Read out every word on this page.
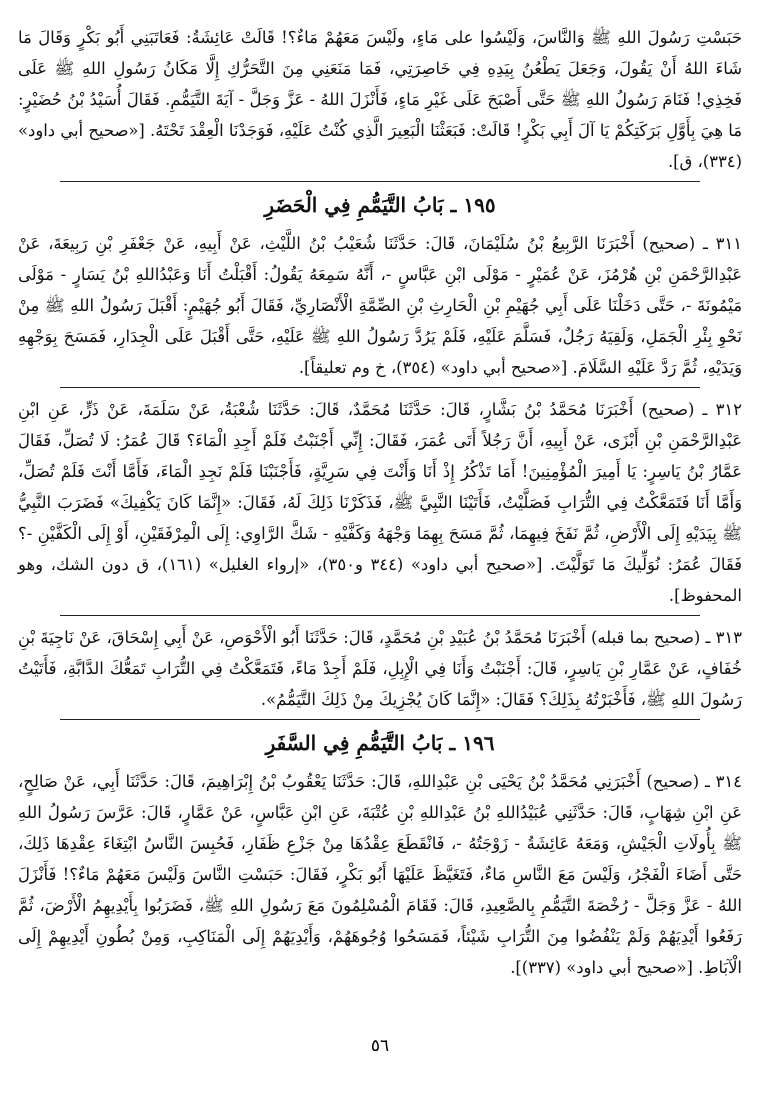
حَبَسْتِ رَسُولَ اللهِ ﷺ وَالنَّاسَ، وَلَيْسُوا على مَاءٍ، ولَيْسَ مَعَهُمْ مَاءٌ؟! قَالَتْ عَائِشَةُ: فَعَاتَبَنِي أَبُو بَكْرٍ وَقَالَ مَا شَاءَ اللهُ أَنْ يَقُولَ، وَجَعَلَ يَطْعُنُ بِيَدِهِ فِي خَاصِرَتِي، فَمَا مَنَعَنِي مِنَ التَّحَرُّكِ إِلَّا مَكَانُ رَسُولِ اللهِ ﷺ عَلَى فَخِذِي! فَنَامَ رَسُولُ اللهِ ﷺ حَتَّى أَصْبَحَ عَلَى غَيْرِ مَاءٍ، فَأَنْزَلَ اللهُ - عَزَّ وَجَلَّ - آيَةَ التَّيَمُّمِ. فَقَالَ أُسَيْدُ بْنُ حُضَيْرٍ: مَا هِيَ بِأَوَّلِ بَرَكَتِكُمْ يَا آلَ أَبِي بَكْرٍ! قَالَتْ: فَبَعَثْنَا الْبَعِيرَ الَّذِي كُنْتُ عَلَيْهِ، فَوَجَدْنَا الْعِقْدَ تَحْتَهُ. [«صحيح أبي داود» (٣٣٤)، ق].

١٩٥ ـ بَابُ التَّيَمُّمِ فِي الْحَضَرِ

٣١١ ـ (صحيح) أَخْبَرَنَا الرَّبِيعُ بْنُ سُلَيْمَانَ، قَالَ: حَدَّثَنَا شُعَيْبُ بْنُ اللَّيْثِ، عَنْ أَبِيهِ، عَنْ جَعْفَرِ بْنِ رَبِيعَةَ، عَنْ عَبْدِالرَّحْمَنِ بْنِ هُرْمُزَ، عَنْ عُمَيْرٍ - مَوْلَى ابْنِ عَبَّاسٍ -، أَنَّهُ سَمِعَهُ يَقُولُ: أَقْبَلْتُ أَنَا وَعَبْدُاللهِ بْنُ يَسَارٍ - مَوْلَى مَيْمُونَةَ -، حَتَّى دَخَلْنَا عَلَى أَبِي جُهَيْمِ بْنِ الْحَارِثِ بْنِ الصِّمَّةِ الْأَنْصَارِيِّ، فَقَالَ أَبُو جُهَيْمٍ: أَقْبَلَ رَسُولُ اللهِ ﷺ مِنْ نَحْوِ بِئْرِ الْجَمَلِ، وَلَقِيَهُ رَجُلٌ، فَسَلَّمَ عَلَيْهِ، فَلَمْ يَرُدَّ رَسُولُ اللهِ ﷺ عَلَيْهِ، حَتَّى أَقْبَلَ عَلَى الْجِدَارِ، فَمَسَحَ بِوَجْهِهِ وَيَدَيْهِ، ثُمَّ رَدَّ عَلَيْهِ السَّلَامَ. [«صحيح أبي داود» (٣٥٤)، خ وم تعليقاً].

٣١٢ ـ (صحيح) أَخْبَرَنَا مُحَمَّدُ بْنُ بَشَّارٍ، قَالَ: حَدَّثَنَا مُحَمَّدٌ، قَالَ: حَدَّثَنَا شُعْبَةُ، عَنْ سَلَمَةَ، عَنْ ذَرٍّ، عَنِ ابْنِ عَبْدِالرَّحْمَنِ بْنِ أَبْزَى، عَنْ أَبِيهِ، أَنَّ رَجُلاً أَتَى عُمَرَ، فَقَالَ: إِنِّي أَجْنَبْتُ فَلَمْ أَجِدِ الْمَاءَ؟ قَالَ عُمَرُ: لَا تُصَلِّ، فَقَالَ عَمَّارُ بْنُ يَاسِرٍ: يَا أَمِيرَ الْمُؤْمِنِينَ! أَمَا تَذْكُرُ إِذْ أَنَا وَأَنْتَ فِي سَرِيَّةٍ، فَأَجْنَبْنَا فَلَمْ نَجِدِ الْمَاءَ، فَأَمَّا أَنْتَ فَلَمْ تُصَلِّ، وَأَمَّا أَنَا فَتَمَعَّكْتُ فِي التُّرَابِ فَصَلَّيْتُ، فَأَتَيْنَا النَّبِيَّ ﷺ، فَذَكَرْنَا ذَلِكَ لَهُ، فَقَالَ: «إِنَّمَا كَانَ يَكْفِيكَ» فَضَرَبَ النَّبِيُّ ﷺ بِيَدَيْهِ إِلَى الْأَرْضِ، ثُمَّ نَفَخَ فِيهِمَا، ثُمَّ مَسَحَ بِهِمَا وَجْهَهُ وَكَفَّيْهِ - شَكَّ الرَّاوِي: إِلَى الْمِرْفَقَيْنِ، أَوْ إِلَى الْكَفَّيْنِ -؟ فَقَالَ عُمَرُ: نُوَلِّيكَ مَا تَوَلَّيْتَ. [«صحيح أبي داود» (٣٤٤ و٣٥٠)، «إرواء الغليل» (١٦١)، ق دون الشك، وهو المحفوظ].

٣١٣ ـ (صحيح بما قبله) أَخْبَرَنَا مُحَمَّدُ بْنُ عُبَيْدِ بْنِ مُحَمَّدٍ، قَالَ: حَدَّثَنَا أَبُو الْأَحْوَصِ، عَنْ أَبِي إِسْحَاقَ، عَنْ نَاجِيَةَ بْنِ خُفَافٍ، عَنْ عَمَّارِ بْنِ يَاسِرٍ، قَالَ: أَجْنَبْتُ وَأَنَا فِي الْإِبِلِ، فَلَمْ أَجِدْ مَاءً، فَتَمَعَّكْتُ فِي التُّرَابِ تَمَعُّكَ الدَّابَّةِ، فَأَتَيْتُ رَسُولَ اللهِ ﷺ، فَأَخْبَرْتُهُ بِذَلِكَ؟ فَقَالَ: «إِنَّمَا كَانَ يُجْزِيكَ مِنْ ذَلِكَ التَّيَمُّمُ».

١٩٦ ـ بَابُ التَّيَمُّمِ فِي السَّفَرِ

٣١٤ ـ (صحيح) أَخْبَرَنِي مُحَمَّدُ بْنُ يَحْيَى بْنِ عَبْدِاللهِ، قَالَ: حَدَّثَنَا يَعْقُوبُ بْنُ إِبْرَاهِيمَ، قَالَ: حَدَّثَنَا أَبِي، عَنْ صَالِحٍ، عَنِ ابْنِ شِهَابٍ، قَالَ: حَدَّثَنِي عُبَيْدُاللهِ بْنُ عَبْدِاللهِ بْنِ عُتْبَةَ، عَنِ ابْنِ عَبَّاسٍ، عَنْ عَمَّارٍ، قَالَ: عَرَّسَ رَسُولُ اللهِ ﷺ بِأُولَاتِ الْجَيْشِ، وَمَعَهُ عَائِشَةُ - زَوْجَتُهُ -، فَانْقَطَعَ عِقْدُهَا مِنْ جَزْعِ ظَفَارِ، فَحُبِسَ النَّاسُ ابْتِغَاءَ عِقْدِهَا ذَلِكَ، حَتَّى أَضَاءَ الْفَجْرُ، وَلَيْسَ مَعَ النَّاسِ مَاءٌ، فَتَغَيَّظَ عَلَيْهَا أَبُو بَكْرٍ، فَقَالَ: حَبَسْتِ النَّاسَ وَلَيْسَ مَعَهُمْ مَاءٌ؟! فَأَنْزَلَ اللهُ - عَزَّ وَجَلَّ - رُخْصَةَ التَّيَمُّمِ بِالصَّعِيدِ، قَالَ: فَقَامَ الْمُسْلِمُونَ مَعَ رَسُولِ اللهِ ﷺ، فَضَرَبُوا بِأَيْدِيهِمُ الْأَرْضَ، ثُمَّ رَفَعُوا أَيْدِيَهُمْ وَلَمْ يَنْفُضُوا مِنَ التُّرَابِ شَيْئاً، فَمَسَحُوا وُجُوهَهُمْ، وَأَيْدِيَهُمْ إِلَى الْمَنَاكِبِ، وَمِنْ بُطُونِ أَيْدِيهِمْ إِلَى الْآبَاطِ. [«صحيح أبي داود» (٣٣٧)].

٥٦
